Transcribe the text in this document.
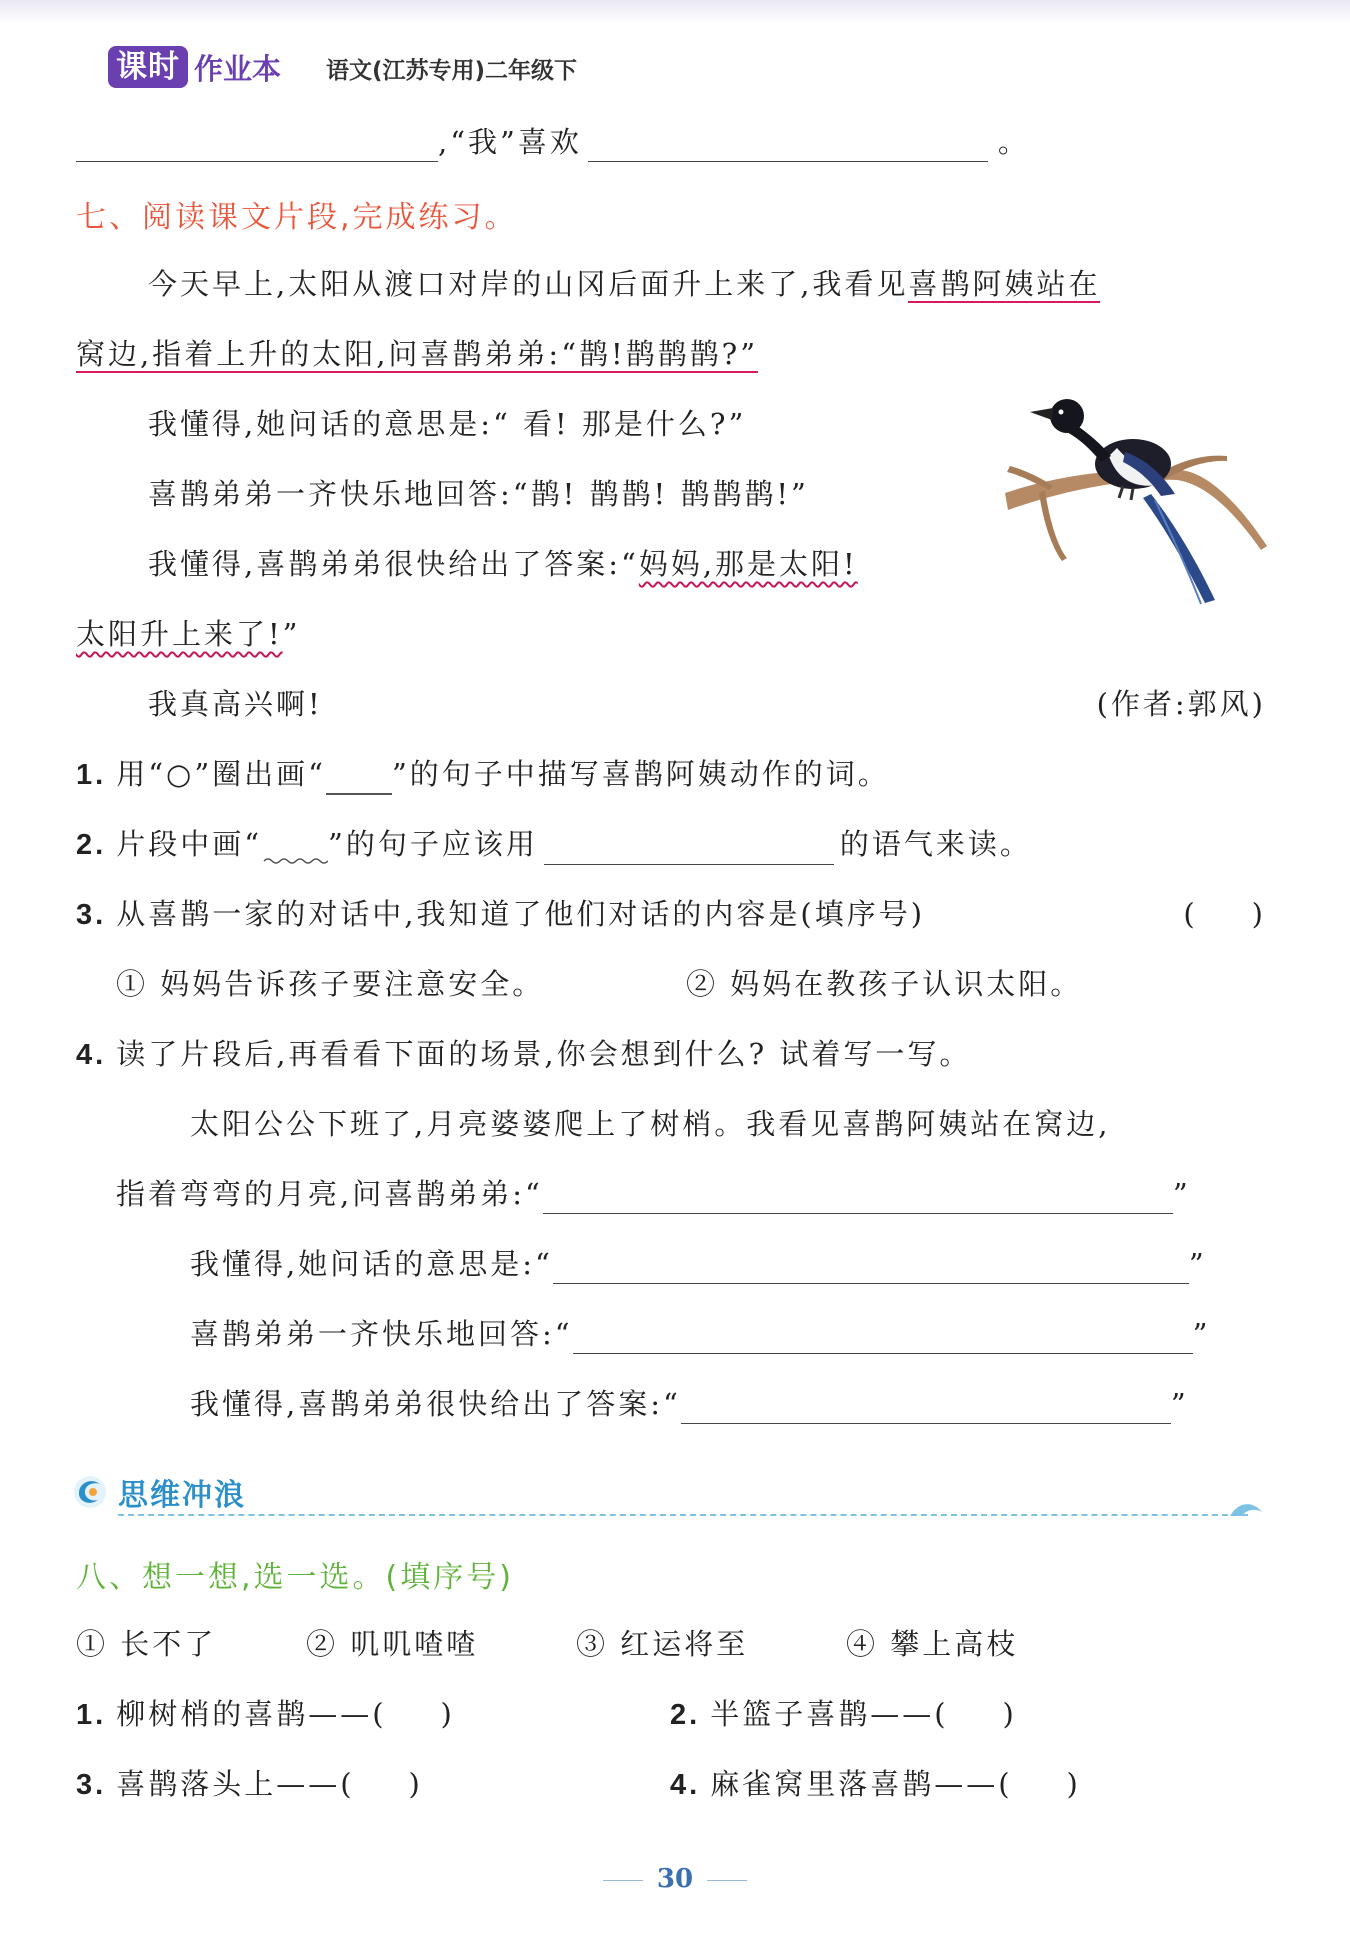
课时 作业本 语文(江苏专用)二年级下
,“我”喜欢	。
七、阅读课文片段,完成练习。
今天早上,太阳从渡口对岸的山冈后面升上来了,我看见喜鹊阿姨站在
窝边,指着上升的太阳,问喜鹊弟弟:“鹊!鹊鹊鹊?”
我懂得,她问话的意思是:“ 看! 那是什么?”
喜鹊弟弟一齐快乐地回答:“鹊! 鹊鹊! 鹊鹊鹊!”
我懂得,喜鹊弟弟很快给出了答案:“妈妈,那是太阳!
太阳升上来了!”
我真高兴啊!	(作者:郭风)
1. 用“○”圈出画“ ”的句子中描写喜鹊阿姨动作的词。
2. 片段中画“ ”的句子应该用	的语气来读。
3. 从喜鹊一家的对话中,我知道了他们对话的内容是(填序号)	( )
① 妈妈告诉孩子要注意安全。	② 妈妈在教孩子认识太阳。
4. 读了片段后,再看看下面的场景,你会想到什么? 试着写一写。
太阳公公下班了,月亮婆婆爬上了树梢。我看见喜鹊阿姨站在窝边,
指着弯弯的月亮,问喜鹊弟弟:“	”
我懂得,她问话的意思是:“	”
喜鹊弟弟一齐快乐地回答:“	”
我懂得,喜鹊弟弟很快给出了答案:“	”
思维冲浪
八、想一想,选一选。(填序号)
① 长不了	② 叽叽喳喳	③ 红运将至	④ 攀上高枝
1. 柳树梢的喜鹊——( )	2. 半篮子喜鹊——( )
3. 喜鹊落头上——( )	4. 麻雀窝里落喜鹊——( )
30
